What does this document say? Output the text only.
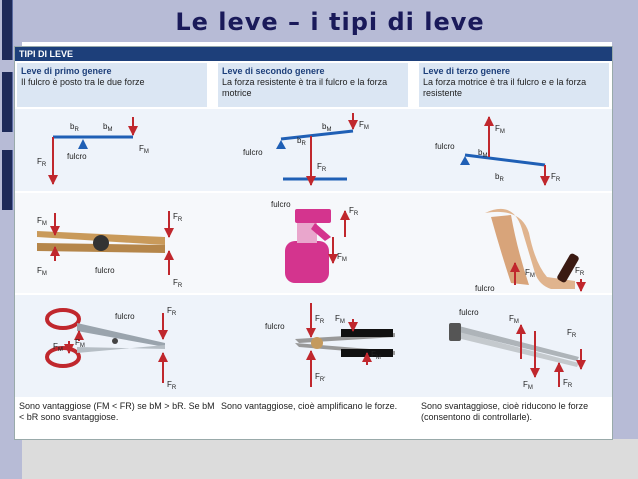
Le leve – i tipi di leve
TIPI DI LEVE
Leve di primo genere
Il fulcro è posto tra le due forze
Leve di secondo genere
La forza resistente è tra il fulcro e la forza motrice
Leve di terzo genere
La forza motrice è tra il fulcro e e la forza resistente
$b_R$	$b_M$
fulcro
$F_R$
$F_M$
$b_M$
$b_R$
fulcro
$F_R$
$F_M$	$F_M$
fulcro
$b_M$
$b_R$	$F_R$
$F_M$
$F_M$
$F_R$
$F_R$
fulcro
fulcro
$F_R$
$F_M$
$F_M$
$F_R$
fulcro
$F_M$
$F_M$
$F_R$
$F_R$
fulcro
fulcro
$F_R$ $F_M$
$F_M$
$F_{R'}$
fulcro
$F_M$
$F_M$
$F_R$
$F_R$
Sono vantaggiose (FM < FR) se bM > bR. Se bM < bR sono svantaggiose.
Sono vantaggiose, cioè amplificano le forze.	Sono svantaggiose, cioè riducono le forze (consentono di controllarle).
